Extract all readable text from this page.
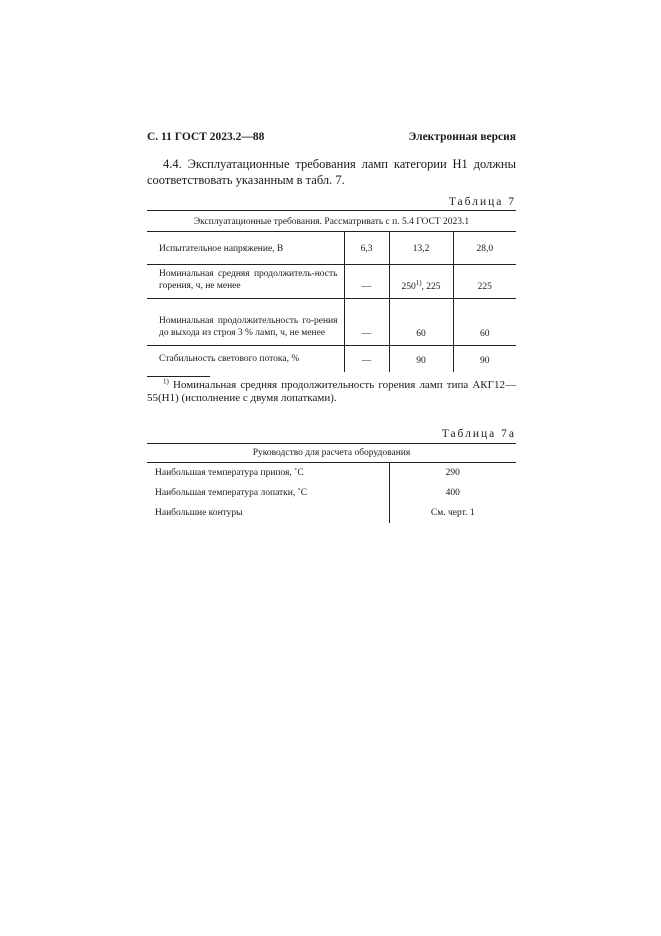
С. 11 ГОСТ 2023.2—88	Электронная версия
4.4. Эксплуатационные требования ламп категории Н1 должны соответствовать указанным в табл. 7.
Таблица 7
Эксплуатационные требования. Рассматривать с п. 5.4 ГОСТ 2023.1			
Испытательное напряжение, В	6,3	13,2	28,0
Номинальная средняя продолжитель-ность горения, ч, не менее	—	250$^{1)}$, 225	225
Номинальная продолжительность го-рения до выхода из строя 3 % ламп, ч, не менее	—	60	60
Стабильность светового потока, %	—	90	90
$^{1)}$ Номинальная средняя продолжительность горения ламп типа АКГ12—55(Н1) (исполнение с двумя лопатками).
Таблица 7а
Руководство для расчета оборудования	
Наибольшая температура припоя, ˚С	290
Наибольшая температура лопатки, ˚С	400
Наибольшие контуры	См. черт. 1
